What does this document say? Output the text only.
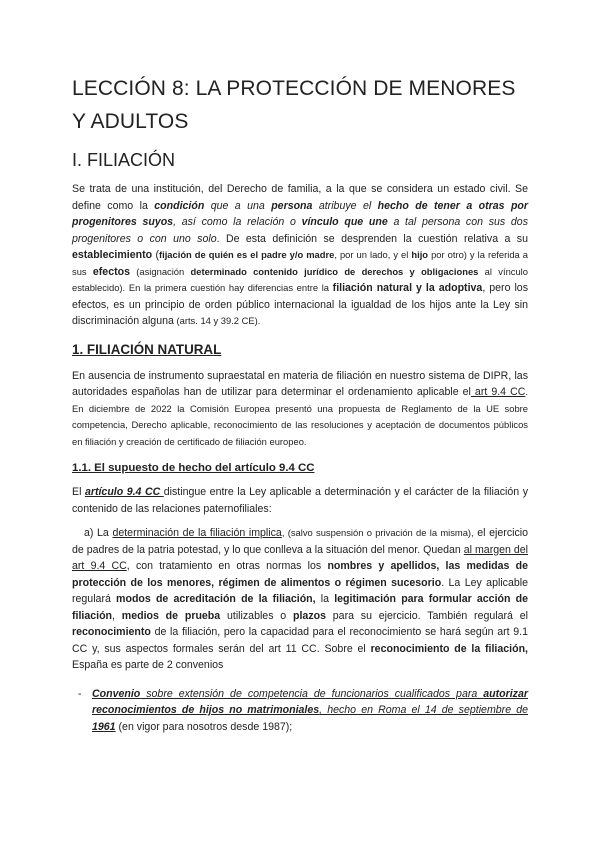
LECCIÓN 8: LA PROTECCIÓN DE MENORES Y ADULTOS
I. FILIACIÓN

Se trata de una institución, del Derecho de familia, a la que se considera un estado civil. Se define como la condición que a una persona atribuye el hecho de tener a otras por progenitores suyos, así como la relación o vínculo que une a tal persona con sus dos progenitores o con uno solo. De esta definición se desprenden la cuestión relativa a su establecimiento (fijación de quién es el padre y/o madre, por un lado, y el hijo por otro) y la referida a sus efectos (asignación determinado contenido jurídico de derechos y obligaciones al vínculo establecido). En la primera cuestión hay diferencias entre la filiación natural y la adoptiva, pero los efectos, es un principio de orden público internacional la igualdad de los hijos ante la Ley sin discriminación alguna (arts. 14 y 39.2 CE).

1. FILIACIÓN NATURAL

En ausencia de instrumento supraestatal en materia de filiación en nuestro sistema de DIPR, las autoridades españolas han de utilizar para determinar el ordenamiento aplicable el art 9.4 CC. En diciembre de 2022 la Comisión Europea presentó una propuesta de Reglamento de la UE sobre competencia, Derecho aplicable, reconocimiento de las resoluciones y aceptación de documentos públicos en filiación y creación de certificado de filiación europeo.

1.1. El supuesto de hecho del artículo 9.4 CC

El artículo 9.4 CC distingue entre la Ley aplicable a determinación y el carácter de la filiación y contenido de las relaciones paternofiliales:

a) La determinación de la filiación implica, (salvo suspensión o privación de la misma), el ejercicio de padres de la patria potestad, y lo que conlleva a la situación del menor. Quedan al margen del art 9.4 CC, con tratamiento en otras normas los nombres y apellidos, las medidas de protección de los menores, régimen de alimentos o régimen sucesorio. La Ley aplicable regulará modos de acreditación de la filiación, la legitimación para formular acción de filiación, medios de prueba utilizables o plazos para su ejercicio. También regulará el reconocimiento de la filiación, pero la capacidad para el reconocimiento se hará según art 9.1 CC y, sus aspectos formales serán del art 11 CC. Sobre el reconocimiento de la filiación, España es parte de 2 convenios

- Convenio sobre extensión de competencia de funcionarios cualificados para autorizar reconocimientos de hijos no matrimoniales, hecho en Roma el 14 de septiembre de 1961 (en vigor para nosotros desde 1987);
